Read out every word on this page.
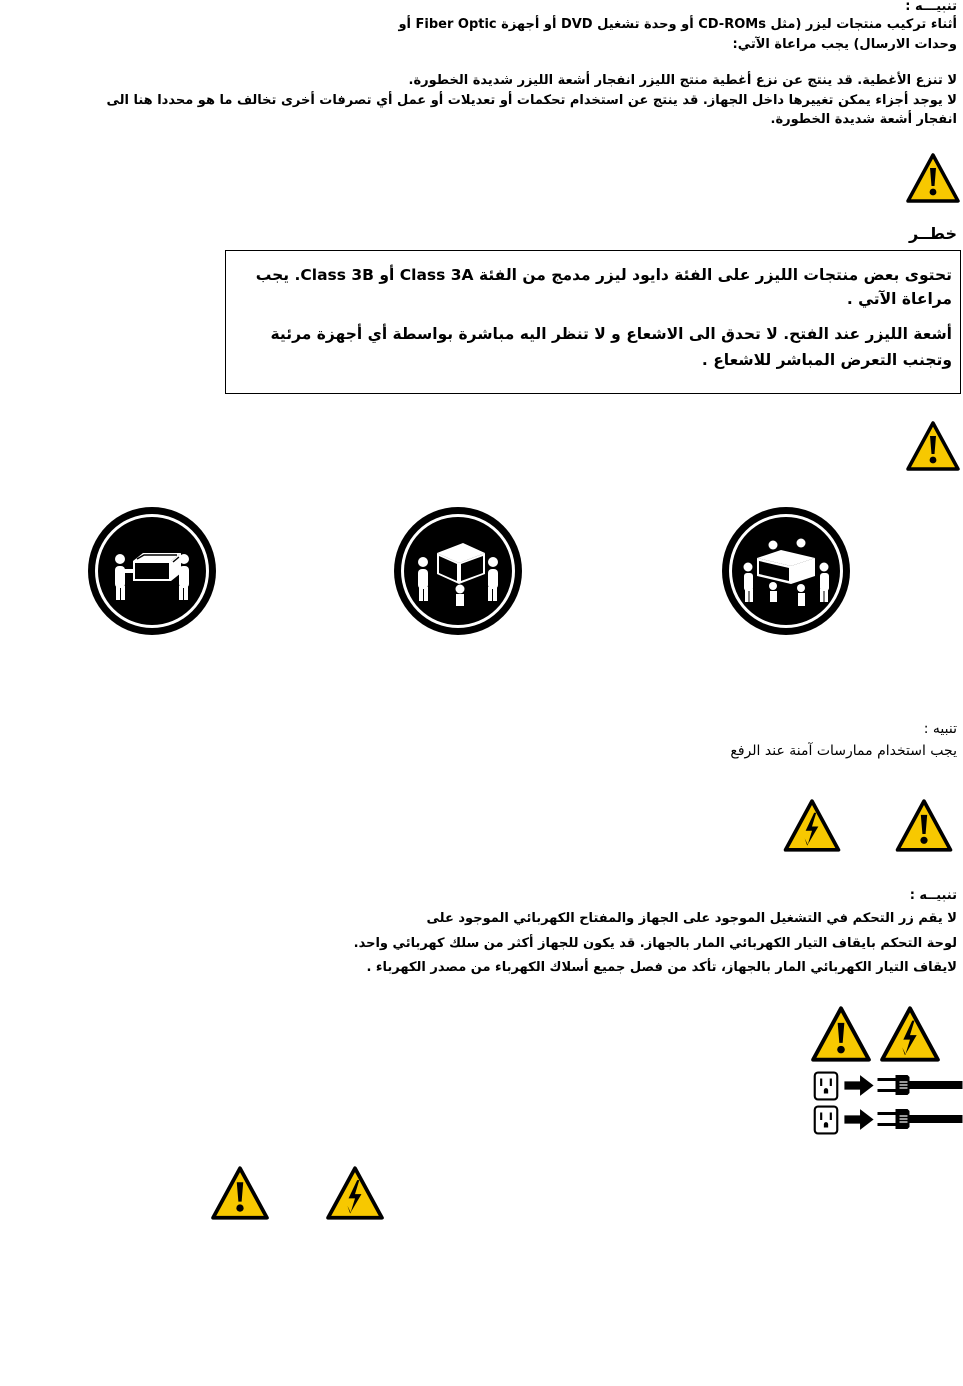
تنبيـــه :
أثناء تركيب منتجات ليزر (مثل CD-ROMs أو وحدة تشغيل DVD أو أجهزة Fiber Optic أو
وحدات الارسال) يجب مراعاة الآتي:
لا تنزع الأغطية. قد ينتج عن نزع أغطية منتج الليزر انفجار أشعة الليزر شديدة الخطورة.
لا يوجد أجزاء يمكن تغييرها داخل الجهاز. قد ينتج عن استخدام تحكمات أو تعديلات أو عمل أي تصرفات أخرى تخالف ما هو محددا هنا الى
انفجار أشعة شديدة الخطورة.
خطــر
تحتوى بعض منتجات الليزر على الفئة دايود ليزر مدمج من الفئة Class 3A أو Class 3B. يجب
مراعاة الآتي .
أشعة الليزر عند الفتح. لا تحدق الى الاشعاع و لا تنظر اليه مباشرة بواسطة أي أجهزة مرئية
وتجنب التعرض المباشر للاشعاع .
تنبيه :
يجب استخدام ممارسات آمنة عند الرفع
تنبيــه :
لا يقم زر التحكم في التشغيل الموجود على الجهاز والمفتاح الكهربائي الموجود على
لوحة التحكم بايقاف التيار الكهربائي المار بالجهاز. قد يكون للجهاز أكثر من سلك كهربائي واحد.
لايقاف التيار الكهربائي المار بالجهاز، تأكد من فصل جميع أسلاك الكهرباء من مصدر الكهرباء .
